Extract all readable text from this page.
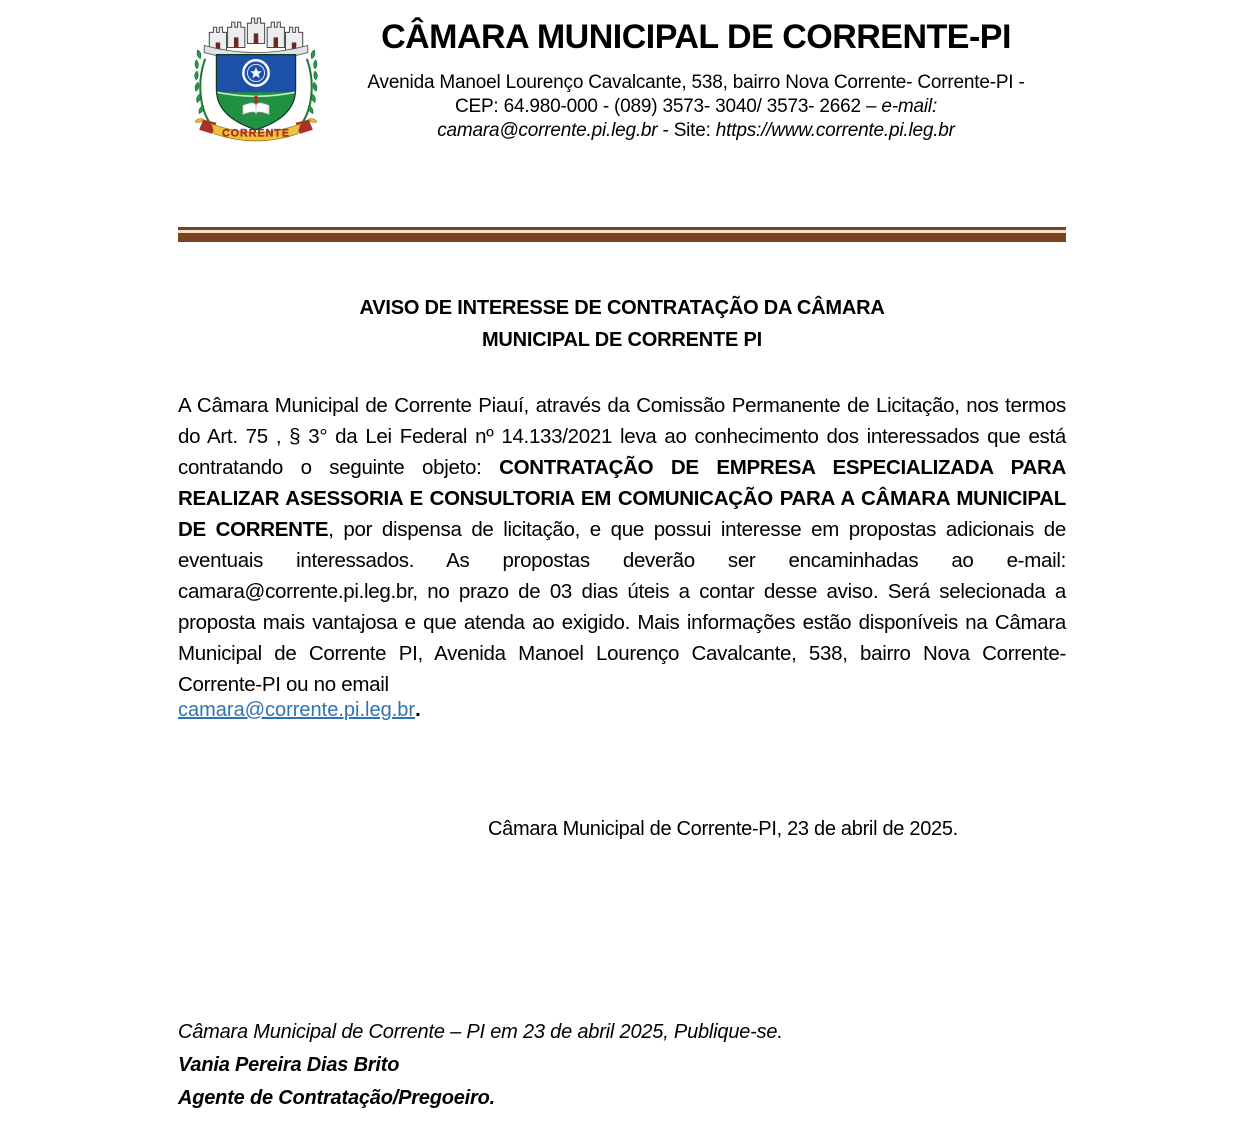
CORRENTE
CÂMARA MUNICIPAL DE CORRENTE-PI
Avenida Manoel Lourenço Cavalcante, 538, bairro Nova Corrente- Corrente-PI -
CEP: 64.980-000 - (089) 3573- 3040/ 3573- 2662 – e-mail:
camara@corrente.pi.leg.br - Site: https://www.corrente.pi.leg.br
AVISO DE INTERESSE DE CONTRATAÇÃO DA CÂMARA
MUNICIPAL DE CORRENTE PI

A Câmara Municipal de Corrente Piauí, através da Comissão Permanente de Licitação, nos termos do Art. 75 , § 3° da Lei Federal nº 14.133/2021 leva ao conhecimento dos interessados que está contratando o seguinte objeto: CONTRATAÇÃO DE EMPRESA ESPECIALIZADA PARA REALIZAR ASESSORIA E CONSULTORIA EM COMUNICAÇÃO PARA A CÂMARA MUNICIPAL DE CORRENTE, por dispensa de licitação, e que possui interesse em propostas adicionais de eventuais interessados. As propostas deverão ser encaminhadas ao e-mail: camara@corrente.pi.leg.br, no prazo de 03 dias úteis a contar desse aviso. Será selecionada a proposta mais vantajosa e que atenda ao exigido. Mais informações estão disponíveis na Câmara Municipal de Corrente PI, Avenida Manoel Lourenço Cavalcante, 538, bairro Nova Corrente- Corrente-PI ou no email

camara@corrente.pi.leg.br.

Câmara Municipal de Corrente-PI, 23 de abril de 2025.

Câmara Municipal de Corrente – PI em 23 de abril 2025, Publique-se.

Vania Pereira Dias Brito

Agente de Contratação/Pregoeiro.
